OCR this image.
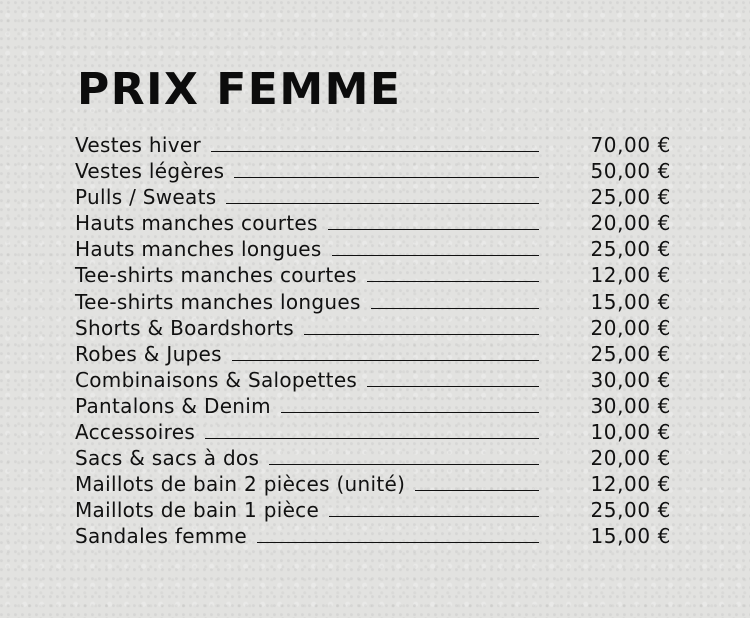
PRIX FEMME
Vestes hiver	70,00 €
Vestes légères	50,00 €
Pulls / Sweats	25,00 €
Hauts manches courtes	20,00 €
Hauts manches longues	25,00 €
Tee-shirts manches courtes	12,00 €
Tee-shirts manches longues	15,00 €
Shorts & Boardshorts	20,00 €
Robes & Jupes	25,00 €
Combinaisons & Salopettes	30,00 €
Pantalons & Denim	30,00 €
Accessoires	10,00 €
Sacs & sacs à dos	20,00 €
Maillots de bain 2 pièces (unité)	12,00 €
Maillots de bain 1 pièce	25,00 €
Sandales femme	15,00 €
